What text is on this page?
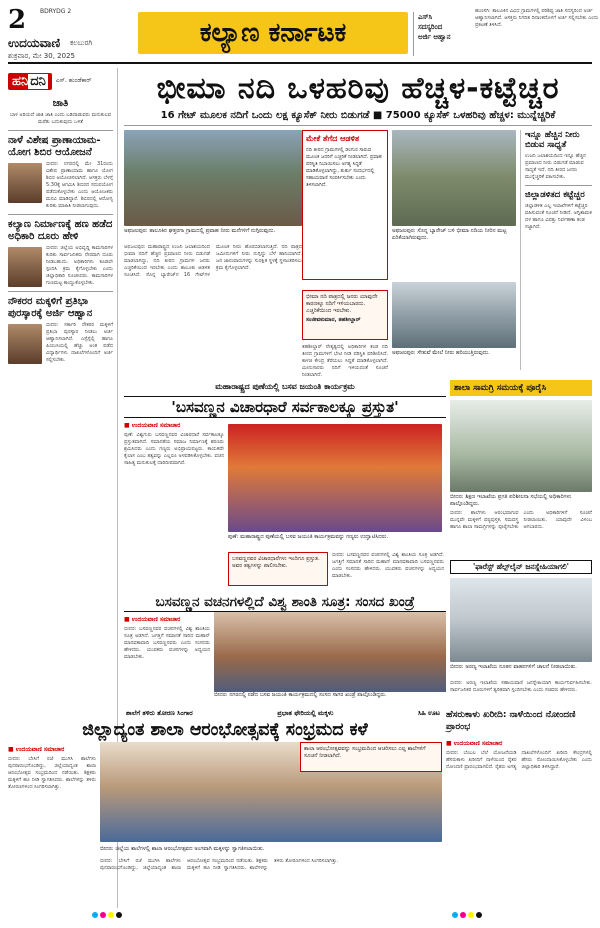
2 BDRYDG 2
ಉದಯವಾಣಿ ಕಲಬುರಗಿ
ಶುಕ್ರವಾರ, ಮೇ 30, 2025
ಕಲ್ಯಾಣ ಕರ್ನಾಟಕ
ಎಸ್‌ಸಿ
ಸದಸ್ಯರಿಂದ
ಅರ್ಜಿ ಆಹ್ವಾನ
ಹುಣಸಗಿ: ತಾಲೂಕಿನ ವಿವಿಧ ಗ್ರಾಮಗಳಲ್ಲಿ ಪರಿಶಿಷ್ಟ ಜಾತಿ ಸದಸ್ಯರಿಂದ ಅರ್ಜಿ ಆಹ್ವಾನಿಸಲಾಗಿದೆ. ಆಸಕ್ತರು ನಿಗದಿತ ದಿನಾಂಕದೊಳಗೆ ಅರ್ಜಿ ಸಲ್ಲಿಸಬೇಕು ಎಂದು ಪ್ರಕಟಣೆ ತಿಳಿಸಿದೆ.
ಹನಿ ದನಿ	ಎಸ್. ಹುಂಡೆಕಾರ್
ಜಾತಿ
ಬಾಳ ಅರಿಯದೆ ಜಾತಿ ಜಾತಿ ಎಂದು ಬಡಿದಾಡುವರು ಮನುಕುಲವ ಮರೆತು ಬದುಕುವುದು ಒಳಿತೆ
ನಾಳೆ ವಿಶೇಷ ಪ್ರಾಣಾಯಾಮ-ಯೋಗ ಶಿಬಿರ ಆಯೋಜನೆ
ಬೀದರ: ನಗರದಲ್ಲಿ ಮೇ 31ರಂದು ವಿಶೇಷ ಪ್ರಾಣಾಯಾಮ ಹಾಗೂ ಯೋಗ ಶಿಬಿರ ಆಯೋಜಿಸಲಾಗಿದೆ. ಆಸಕ್ತರು ಬೆಳಗ್ಗೆ 5.30ಕ್ಕೆ ಆಗಮಿಸಿ ಶಿಬಿರದ ಸದುಪಯೋಗ ಪಡೆದುಕೊಳ್ಳಬೇಕು ಎಂದು ಆಯೋಜಕರು ಮನವಿ ಮಾಡಿದ್ದಾರೆ. ಶಿಬಿರದಲ್ಲಿ ಆರೋಗ್ಯ ಕುರಿತು ಮಾಹಿತಿ ನೀಡಲಾಗುವುದು.
ಕಲ್ಯಾಣ ನಿರ್ಮಾಣಕ್ಕೆ ಹಣ ಹಡೆದ ಅಧಿಕಾರಿ ದೂರು ಹೇಳಿ
ಬೀದರ: ಜಿಲ್ಲೆಯ ಅಭಿವೃದ್ಧಿ ಕಾಮಗಾರಿಗಳ ಕುರಿತು ಸಾರ್ವಜನಿಕರು ನೇರವಾಗಿ ದೂರು ನೀಡಬಹುದು. ಅಧಿಕಾರಿಗಳು ಕೂಡಲೇ ಸ್ಪಂದಿಸಿ ಕ್ರಮ ಕೈಗೊಳ್ಳಬೇಕು ಎಂದು ಜಿಲ್ಲಾಧಿಕಾರಿ ಸೂಚಿಸಿದರು. ಕಾಮಗಾರಿಗಳ ಗುಣಮಟ್ಟ ಕಾಯ್ದುಕೊಳ್ಳಬೇಕು.
ನೌಕರರ ಮಕ್ಕಳಿಗೆ ಪ್ರತಿಭಾ ಪುರಸ್ಕಾರಕ್ಕೆ ಅರ್ಜಿ ಆಹ್ವಾನ
ಬೀದರ: ಸರ್ಕಾರಿ ನೌಕರರ ಮಕ್ಕಳಿಗೆ ಪ್ರತಿಭಾ ಪುರಸ್ಕಾರ ನೀಡಲು ಅರ್ಜಿ ಆಹ್ವಾನಿಸಲಾಗಿದೆ. ಎಸ್ಸೆಸ್ಸೆಲ್ಸಿ ಹಾಗೂ ಪಿಯುಸಿಯಲ್ಲಿ ಹೆಚ್ಚು ಅಂಕ ಪಡೆದ ವಿದ್ಯಾರ್ಥಿಗಳು ದಾಖಲೆಗಳೊಂದಿಗೆ ಅರ್ಜಿ ಸಲ್ಲಿಸಬೇಕು.
ಭೀಮಾ ನದಿ ಒಳಹರಿವು ಹೆಚ್ಚಳ-ಕಟ್ಟೆಚ್ಚರ
16 ಗೇಟ್ ಮೂಲಕ ನದಿಗೆ ಒಂದು ಲಕ್ಷ ಕ್ಯೂಸೆಕ್ ನೀರು ಬಿಡುಗಡೆ ■ 75000 ಕ್ಯೂಸೆಕ್ ಒಳಹರಿವು ಹೆಚ್ಚಳ: ಮುನ್ನೆಚ್ಚರಿಕೆ
ಅಫಜಲಪುರ: ತಾಲೂಕಿನ ಘತ್ತರಗಾ ಗ್ರಾಮದಲ್ಲಿ ಪ್ರವಾಹ ನೀರು ಮನೆಗಳಿಗೆ ನುಗ್ಗಿರುವುದು.
ಅಫಜಲಪುರ: ಮಹಾರಾಷ್ಟ್ರದ ಉಜನಿ ಜಲಾಶಯದಿಂದ ಭೀಮಾ ನದಿಗೆ ಹೆಚ್ಚಿನ ಪ್ರಮಾಣದ ನೀರು ಬಿಡುಗಡೆ ಮಾಡಲಾಗಿದ್ದು, ನದಿ ತೀರದ ಗ್ರಾಮಗಳ ಜನರು ಎಚ್ಚರಿಕೆಯಿಂದ ಇರಬೇಕು ಎಂದು ತಾಲೂಕು ಆಡಳಿತ ಸೂಚಿಸಿದೆ. ಸೊನ್ನ ಬ್ಯಾರೇಜ್‌ನ 16 ಗೇಟ್‌ಗಳ ಮೂಲಕ ನೀರು ಹೊರಬಿಡಲಾಗುತ್ತಿದೆ. ನದಿ ಪಾತ್ರದ ಜಮೀನುಗಳಿಗೆ ನೀರು ನುಗ್ಗಿದ್ದು ಬೆಳೆ ಹಾನಿಯಾಗಿದೆ. ಜನ ಜಾನುವಾರುಗಳನ್ನು ಸುರಕ್ಷಿತ ಸ್ಥಳಕ್ಕೆ ಸ್ಥಳಾಂತರಿಸಲು ಕ್ರಮ ಕೈಗೊಳ್ಳಲಾಗಿದೆ.
ಮೇಕೆ ತೆಗೆದ ಆಡಳಿತ
ನದಿ ತೀರದ ಗ್ರಾಮಗಳಲ್ಲಿ ಡಂಗುರ ಸಾರುವ ಮೂಲಕ ಜನರಿಗೆ ಎಚ್ಚರಿಕೆ ನೀಡಲಾಗಿದೆ. ಪ್ರವಾಹ ಪರಿಸ್ಥಿತಿ ನಿಭಾಯಿಸಲು ಅಗತ್ಯ ಸಿದ್ಧತೆ ಮಾಡಿಕೊಳ್ಳಲಾಗಿದ್ದು, ತುರ್ತು ಸಂದರ್ಭದಲ್ಲಿ ಸಹಾಯವಾಣಿ ಸಂಪರ್ಕಿಸಬೇಕು ಎಂದು ತಿಳಿಸಲಾಗಿದೆ.
ಭೀಮಾ ನದಿ ಪಾತ್ರದಲ್ಲಿ ಜನರು ಯಾವುದೇ ಕಾರಣಕ್ಕೂ ನದಿಗೆ ಇಳಿಯಬಾರದು. ಎಚ್ಚರಿಕೆಯಿಂದ ಇರಬೇಕು.
ಸಂಜೀವಕುಮಾರ, ತಹಶೀಲ್ದಾರ್
ತಹಶೀಲ್ದಾರ್ ನೇತೃತ್ವದಲ್ಲಿ ಅಧಿಕಾರಿಗಳ ತಂಡ ನದಿ ತೀರದ ಗ್ರಾಮಗಳಿಗೆ ಭೇಟಿ ನೀಡಿ ಪರಿಸ್ಥಿತಿ ಪರಿಶೀಲಿಸಿದೆ. ಕಾಳಜಿ ಕೇಂದ್ರ ತೆರೆಯಲು ಸಿದ್ಧತೆ ಮಾಡಿಕೊಳ್ಳಲಾಗಿದೆ. ಮೀನುಗಾರರು ನದಿಗೆ ಇಳಿಯದಂತೆ ಸೂಚನೆ ನೀಡಲಾಗಿದೆ.
ಅಫಜಲಪುರ: ಸೊನ್ನ ಬ್ಯಾರೇಜ್ ಬಳಿ ಭೀಮಾ ನದಿಯ ನೀರಿನ ಮಟ್ಟ ಏರಿಕೆಯಾಗಿರುವುದು.
ಅಫಜಲಪುರ: ಸೇತುವೆ ಮೇಲೆ ನೀರು ಹರಿಯುತ್ತಿರುವುದು.
ಇನ್ನೂ ಹೆಚ್ಚಿನ ನೀರು ಬಿಡುವ ಸಾಧ್ಯತೆ
ಉಜನಿ ಜಲಾಶಯದಿಂದ ಇನ್ನೂ ಹೆಚ್ಚಿನ ಪ್ರಮಾಣದ ನೀರು ಬಿಡುಗಡೆ ಮಾಡುವ ಸಾಧ್ಯತೆ ಇದೆ. ನದಿ ತೀರದ ಜನರು ಮುನ್ನೆಚ್ಚರಿಕೆ ವಹಿಸಬೇಕು.
ಜಿಲ್ಲಾಡಳಿತದ ಕಟ್ಟೆಚ್ಚರ
ಜಿಲ್ಲಾಡಳಿತ ಎಲ್ಲ ಇಲಾಖೆಗಳಿಗೆ ಕಟ್ಟೆಚ್ಚರ ವಹಿಸುವಂತೆ ಸೂಚನೆ ನೀಡಿದೆ. ಅಗ್ನಿಶಾಮಕ ದಳ ಹಾಗೂ ವಿಪತ್ತು ನಿರ್ವಹಣಾ ತಂಡ ಸಜ್ಜಾಗಿದೆ.
ಮಹಾರಾಷ್ಟ್ರದ ಪುಣೆಯಲ್ಲಿ ಬಸವ ಜಯಂತಿ ಕಾರ್ಯಕ್ರಮ
'ಬಸವಣ್ಣನ ವಿಚಾರಧಾರೆ ಸರ್ವಕಾಲಕ್ಕೂ ಪ್ರಸ್ತುತ'
■ ಉದಯವಾಣಿ ಸಮಾಚಾರ
ಪುಣೆ: ವಿಶ್ವಗುರು ಬಸವಣ್ಣನವರ ವಿಚಾರಧಾರೆ ಸರ್ವಕಾಲಕ್ಕೂ ಪ್ರಸ್ತುತವಾಗಿದೆ. ಸಮಾನತೆಯ ಸಮಾಜ ನಿರ್ಮಾಣಕ್ಕೆ ಶರಣರು ಶ್ರಮಿಸಿದರು ಎಂದು ಗಣ್ಯರು ಅಭಿಪ್ರಾಯಪಟ್ಟರು. ಕಾಯಕವೇ ಕೈಲಾಸ ಎಂಬ ತತ್ವವನ್ನು ಎಲ್ಲರೂ ಅಳವಡಿಸಿಕೊಳ್ಳಬೇಕು. ವಚನ ಸಾಹಿತ್ಯ ಮನುಕುಲಕ್ಕೆ ದಾರಿದೀಪವಾಗಿದೆ.
ಪುಣೆ: ಮಹಾರಾಷ್ಟ್ರದ ಪುಣೆಯಲ್ಲಿ ಬಸವ ಜಯಂತಿ ಕಾರ್ಯಕ್ರಮವನ್ನು ಗಣ್ಯರು ಉದ್ಘಾಟಿಸಿದರು.
ಬಸವಣ್ಣನವರ ವಿಚಾರಧಾರೆಗಳು ಇಂದಿಗೂ ಪ್ರಸ್ತುತ. ಅವರ ತತ್ವಗಳನ್ನು ಪಾಲಿಸಬೇಕು.
ಬೀದರ: ಬಸವಣ್ಣನವರ ವಚನಗಳಲ್ಲಿ ವಿಶ್ವ ಶಾಂತಿಯ ಸೂತ್ರ ಅಡಗಿದೆ. ಜಗತ್ತಿಗೆ ಸಮಾನತೆ ಸಾರಿದ ಮಹಾನ್ ಮಾನವತಾವಾದಿ ಬಸವಣ್ಣನವರು ಎಂದು ಸಂಸದರು ಹೇಳಿದರು. ಯುವಕರು ವಚನಗಳನ್ನು ಅಧ್ಯಯನ ಮಾಡಬೇಕು.
ಶಾಲಾ ಸಾಮಗ್ರಿ ಸಮಯಕ್ಕೆ ಪೂರೈಸಿ
ಬೀದರ: ಶಿಕ್ಷಣ ಇಲಾಖೆಯ ಪ್ರಗತಿ ಪರಿಶೀಲನಾ ಸಭೆಯಲ್ಲಿ ಅಧಿಕಾರಿಗಳು ಪಾಲ್ಗೊಂಡಿದ್ದರು.
ಬೀದರ: ಶಾಲೆಗಳು ಆರಂಭವಾಗುವ ಮುನ್ನವೇ ಮಕ್ಕಳಿಗೆ ಪಠ್ಯಪುಸ್ತಕ, ಸಮವಸ್ತ್ರ ಹಾಗೂ ಶಾಲಾ ಸಾಮಗ್ರಿಗಳನ್ನು ಪೂರೈಸಬೇಕು ಎಂದು ಅಧಿಕಾರಿಗಳಿಗೆ ಸೂಚನೆ ನೀಡಲಾಯಿತು. ಯಾವುದೇ ವಿಳಂಬ ಆಗಬಾರದು.
'ಫಾರೆಸ್ಟ್ ಹೆಲ್ಪ್‌ಲೈನ್ ಜನಸ್ನೇಹಿಯಾಗಲಿ'
ಬೀದರ: ಅರಣ್ಯ ಇಲಾಖೆಯ ನೂತನ ವಾಹನಗಳಿಗೆ ಚಾಲನೆ ನೀಡಲಾಯಿತು.
ಬೀದರ: ಅರಣ್ಯ ಇಲಾಖೆಯ ಸಹಾಯವಾಣಿ ಜನಸ್ನೇಹಿಯಾಗಿ ಕಾರ್ಯನಿರ್ವಹಿಸಬೇಕು. ಸಾರ್ವಜನಿಕರ ದೂರುಗಳಿಗೆ ತ್ವರಿತವಾಗಿ ಸ್ಪಂದಿಸಬೇಕು ಎಂದು ಸಚಿವರು ಹೇಳಿದರು.
ಬಸವಣ್ಣನ ವಚನಗಳಲ್ಲಿದೆ ವಿಶ್ವ ಶಾಂತಿ ಸೂತ್ರ: ಸಂಸದ ಖಂಡ್ರೆ
■ ಉದಯವಾಣಿ ಸಮಾಚಾರ
ಬೀದರ: ಬಸವಣ್ಣನವರ ವಚನಗಳಲ್ಲಿ ವಿಶ್ವ ಶಾಂತಿಯ ಸೂತ್ರ ಅಡಗಿದೆ. ಜಗತ್ತಿಗೆ ಸಮಾನತೆ ಸಾರಿದ ಮಹಾನ್ ಮಾನವತಾವಾದಿ ಬಸವಣ್ಣನವರು ಎಂದು ಸಂಸದರು ಹೇಳಿದರು. ಯುವಕರು ವಚನಗಳನ್ನು ಅಧ್ಯಯನ ಮಾಡಬೇಕು.
ಬೀದರ: ನಗರದಲ್ಲಿ ನಡೆದ ಬಸವ ಜಯಂತಿ ಕಾರ್ಯಕ್ರಮದಲ್ಲಿ ಸಂಸದ ಸಾಗರ ಖಂಡ್ರೆ ಪಾಲ್ಗೊಂಡಿದ್ದರು.
ಶಾಲೆಗೆ ತಳಿರು ತೋರಣ ಸಿಂಗಾರ	ಪ್ರಭಾತ ಫೇರಿಯಲ್ಲಿ ಮಕ್ಕಳು	ಸಿಹಿ ಊಟ
ಜಿಲ್ಲಾದ್ಯಂತ ಶಾಲಾ ಆರಂಭೋತ್ಸವಕ್ಕೆ ಸಂಭ್ರಮದ ಕಳೆ
■ ಉದಯವಾಣಿ ಸಮಾಚಾರ
ಬೀದರ: ಬೇಸಿಗೆ ರಜೆ ಮುಗಿಸಿ ಶಾಲೆಗಳು ಪುನರಾರಂಭಗೊಂಡಿದ್ದು, ಜಿಲ್ಲೆಯಾದ್ಯಂತ ಶಾಲಾ ಆರಂಭೋತ್ಸವ ಸಂಭ್ರಮದಿಂದ ನಡೆಯಿತು. ಶಿಕ್ಷಕರು ಮಕ್ಕಳಿಗೆ ಹೂ ನೀಡಿ ಸ್ವಾಗತಿಸಿದರು. ಶಾಲೆಗಳನ್ನು ತಳಿರು ತೋರಣಗಳಿಂದ ಸಿಂಗರಿಸಲಾಗಿತ್ತು.
ಬೀದರ: ಜಿಲ್ಲೆಯ ಶಾಲೆಗಳಲ್ಲಿ ಶಾಲಾ ಆರಂಭೋತ್ಸವದ ಅಂಗವಾಗಿ ಮಕ್ಕಳನ್ನು ಸ್ವಾಗತಿಸಲಾಯಿತು.
ಬೀದರ: ಬೇಸಿಗೆ ರಜೆ ಮುಗಿಸಿ ಶಾಲೆಗಳು ಪುನರಾರಂಭಗೊಂಡಿದ್ದು, ಜಿಲ್ಲೆಯಾದ್ಯಂತ ಶಾಲಾ ಆರಂಭೋತ್ಸವ ಸಂಭ್ರಮದಿಂದ ನಡೆಯಿತು. ಶಿಕ್ಷಕರು ಮಕ್ಕಳಿಗೆ ಹೂ ನೀಡಿ ಸ್ವಾಗತಿಸಿದರು. ಶಾಲೆಗಳನ್ನು ತಳಿರು ತೋರಣಗಳಿಂದ ಸಿಂಗರಿಸಲಾಗಿತ್ತು.
ಶಾಲಾ ಆರಂಭೋತ್ಸವವನ್ನು ಸಂಭ್ರಮದಿಂದ ಆಚರಿಸಲು ಎಲ್ಲ ಶಾಲೆಗಳಿಗೆ ಸೂಚನೆ ನೀಡಲಾಗಿದೆ.
ಹೆಸರುಕಾಳು ಖರೀದಿ: ನಾಳೆಯಿಂದ ನೋಂದಣಿ ಪ್ರಾರಂಭ
■ ಉದಯವಾಣಿ ಸಮಾಚಾರ
ಬೀದರ: ಬೆಂಬಲ ಬೆಲೆ ಯೋಜನೆಯಡಿ ಹೆಸರುಕಾಳು ಖರೀದಿಗೆ ನಾಳೆಯಿಂದ ರೈತರ ನೋಂದಣಿ ಪ್ರಾರಂಭವಾಗಲಿದೆ. ರೈತರು ಅಗತ್ಯ ದಾಖಲೆಗಳೊಂದಿಗೆ ಖರೀದಿ ಕೇಂದ್ರಗಳಲ್ಲಿ ಹೆಸರು ನೋಂದಾಯಿಸಿಕೊಳ್ಳಬೇಕು ಎಂದು ಜಿಲ್ಲಾಧಿಕಾರಿ ತಿಳಿಸಿದ್ದಾರೆ.
